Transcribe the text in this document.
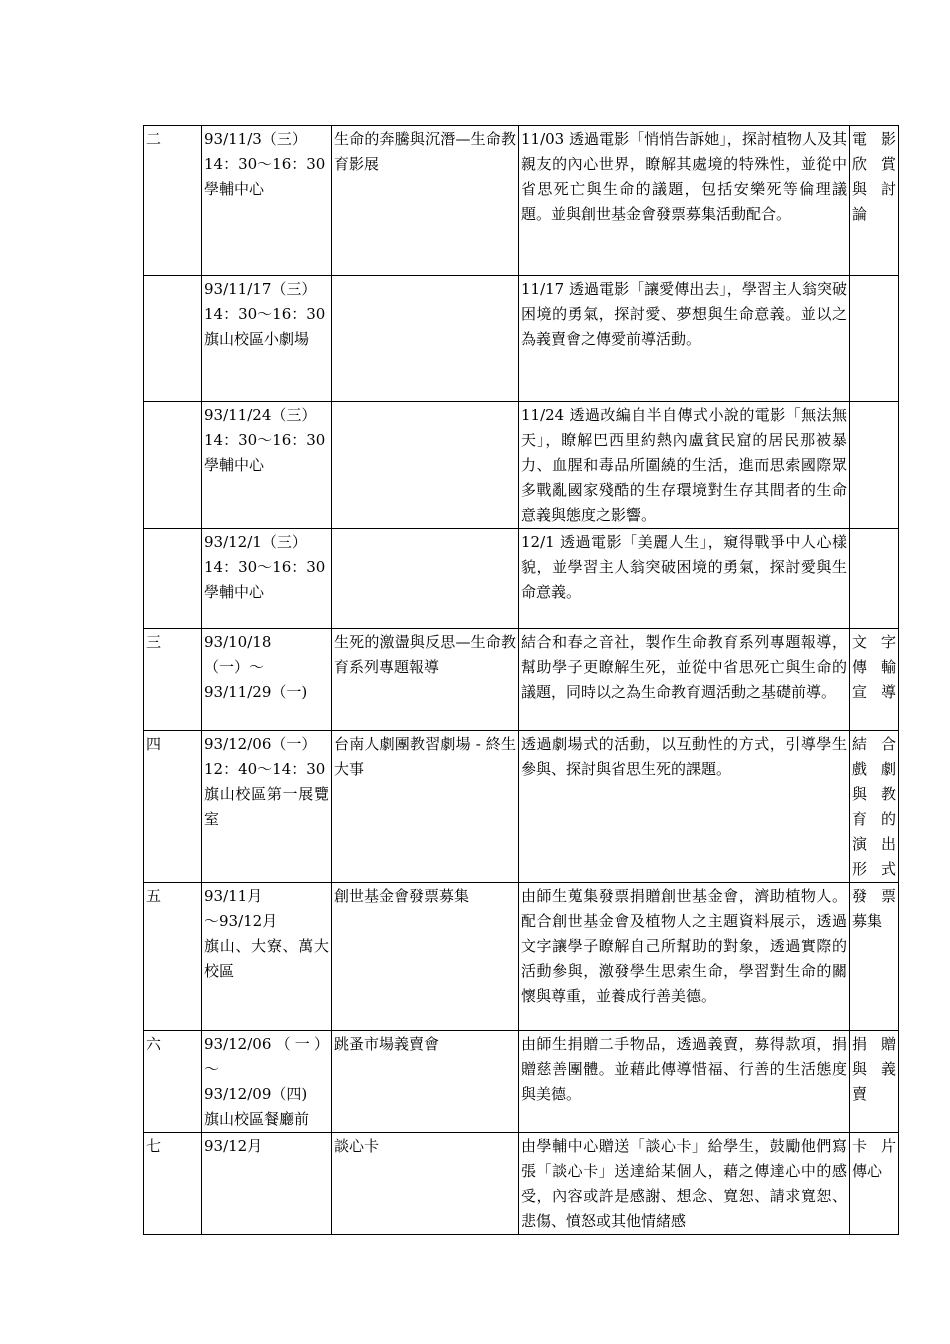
二	93/11/3（三）
14：30～16：30
學輔中心	生命的奔騰與沉潛—生命教育影展	11/03 透過電影「悄悄告訴她」，探討植物人及其親友的內心世界，瞭解其處境的特殊性，並從中省思死亡與生命的議題，包括安樂死等倫理議題。並與創世基金會發票募集活動配合。	電影欣賞與討論

	93/11/17（三）
14：30～16：30
旗山校區小劇場		11/17 透過電影「讓愛傳出去」，學習主人翁突破困境的勇氣，探討愛、夢想與生命意義。並以之為義賣會之傳愛前導活動。	

	93/11/24（三）
14：30～16：30
學輔中心		11/24 透過改編自半自傳式小說的電影「無法無天」，瞭解巴西里約熱內盧貧民窟的居民那被暴力、血腥和毒品所圍繞的生活，進而思索國際眾多戰亂國家殘酷的生存環境對生存其間者的生命意義與態度之影響。	

	93/12/1（三）
14：30～16：30
學輔中心		12/1 透過電影「美麗人生」，窺得戰爭中人心樣貌，並學習主人翁突破困境的勇氣，探討愛與生命意義。	
三	93/10/18
（一）～
93/11/29（一)	生死的激盪與反思—生命教育系列專題報導	結合和春之音社，製作生命教育系列專題報導，幫助學子更瞭解生死，並從中省思死亡與生命的議題，同時以之為生命教育週活動之基礎前導。	文字傳輸宣導
四	93/12/06（一）
12：40～14：30
旗山校區第一展覽室	台南人劇團教習劇場 - 終生大事	透過劇場式的活動，以互動性的方式，引導學生參與、探討與省思生死的課題。	結合戲劇與教育的演出形式
五	93/11月
～93/12月
旗山、大寮、萬大校區	創世基金會發票募集	由師生蒐集發票捐贈創世基金會，濟助植物人。配合創世基金會及植物人之主題資料展示，透過文字讓學子瞭解自己所幫助的對象，透過實際的活動參與，激發學生思索生命，學習對生命的關懷與尊重，並養成行善美德。	發票募集
六	93/12/06（一）～
93/12/09（四)
旗山校區餐廳前	跳蚤市場義賣會	由師生捐贈二手物品，透過義賣，募得款項，捐贈慈善團體。並藉此傳導惜福、行善的生活態度與美德。	捐贈與義賣
七	93/12月	談心卡	由學輔中心贈送「談心卡」給學生，鼓勵他們寫張「談心卡」送達給某個人，藉之傳達心中的感受，內容或許是感謝、想念、寬恕、請求寬恕、悲傷、憤怒或其他情緒感	卡片傳心
